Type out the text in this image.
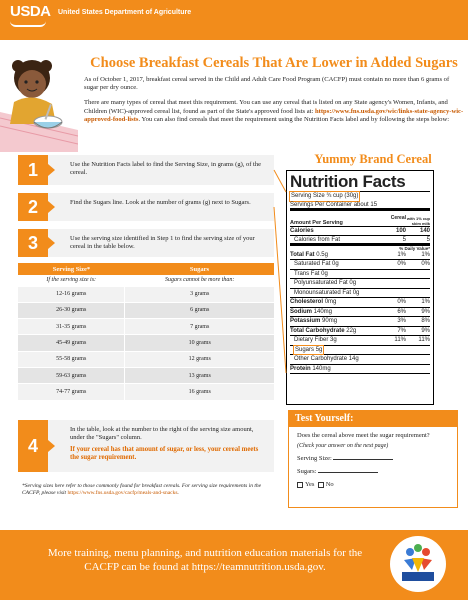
USDA United States Department of Agriculture
Choose Breakfast Cereals That Are Lower in Added Sugars

As of October 1, 2017, breakfast cereal served in the Child and Adult Care Food Program (CACFP) must contain no more than 6 grams of sugar per dry ounce.

There are many types of cereal that meet this requirement. You can use any cereal that is listed on any State agency's Women, Infants, and Children (WIC)-approved cereal list, found as part of the State's approved food lists at: https://www.fns.usda.gov/wic/links-state-agency-wic-approved-food-lists. You can also find cereals that meet the requirement using the Nutrition Facts label and by following the steps below:

1	Use the Nutrition Facts label to find the Serving Size, in grams (g), of the cereal.
2	Find the Sugars line. Look at the number of grams (g) next to Sugars.
3	Use the serving size identified in Step 1 to find the serving size of your cereal in the table below.
4
In the table, look at the number to the right of the serving size amount, under the "Sugars" column.
If your cereal has that amount of sugar, or less, your cereal meets the sugar requirement.
Serving Size*	Sugars
If the serving size is:	Sugars cannot be more than:
12-16 grams	3 grams
26-30 grams	6 grams
31-35 grams	7 grams
45-49 grams	10 grams
55-58 grams	12 grams
59-63 grams	13 grams
74-77 grams	16 grams
*Serving sizes here refer to those commonly found for breakfast cereals. For serving size requirements in the CACFP, please visit https://www.fns.usda.gov/cacfp/meals-and-snacks.
Yummy Brand Cereal
Nutrition Facts
Serving Size ¾ cup (30g)
Servings Per Container about 15
Amount Per Serving
Cereal with 1% cup skim milk
Calories	100	140
Calories from Fat	5	5
% Daily Value*
Total Fat 0.5g	1%	1%
Saturated Fat 0g	0%	0%
Trans Fat 0g
Polyunsaturated Fat 0g
Monounsaturated Fat 0g
Cholesterol 0mg	0%	1%
Sodium 140mg	6%	9%
Potassium 90mg	3%	8%
Total Carbohydrate 22g	7%	9%
Dietary Fiber 3g	11%	11%
Sugars 5g
Other Carbohydrate 14g
Protein 140mg
Test Yourself:
Does the cereal above meet the sugar requirement?
(Check your answer on the next page)
Serving Size:
Sugars:
Yes No
More training, menu planning, and nutrition education materials for the CACFP can be found at https://teamnutrition.usda.gov.
